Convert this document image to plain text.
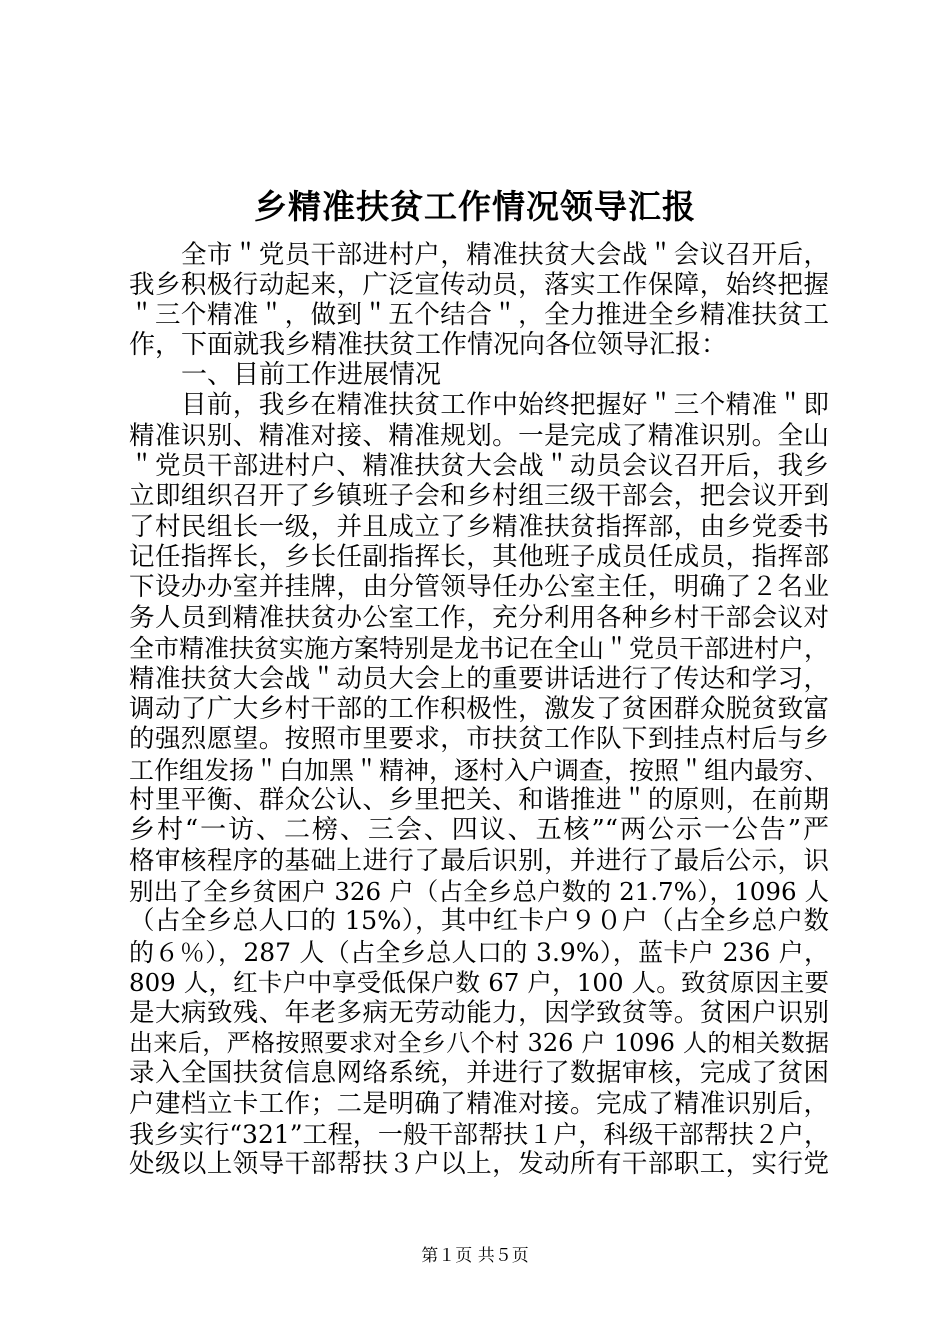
乡精准扶贫工作情况领导汇报
全市＂党员干部进村户，精准扶贫大会战＂会议召开后，
我乡积极行动起来，广泛宣传动员，落实工作保障，始终把握
＂三个精准＂，做到＂五个结合＂，全力推进全乡精准扶贫工
作，下面就我乡精准扶贫工作情况向各位领导汇报：
一、目前工作进展情况
目前，我乡在精准扶贫工作中始终把握好＂三个精准＂即
精准识别、精准对接、精准规划。一是完成了精准识别。全山
＂党员干部进村户、精准扶贫大会战＂动员会议召开后，我乡
立即组织召开了乡镇班子会和乡村组三级干部会，把会议开到
了村民组长一级，并且成立了乡精准扶贫指挥部，由乡党委书
记任指挥长，乡长任副指挥长，其他班子成员任成员，指挥部
下设办办室并挂牌，由分管领导任办公室主任，明确了２名业
务人员到精准扶贫办公室工作，充分利用各种乡村干部会议对
全市精准扶贫实施方案特别是龙书记在全山＂党员干部进村户，
精准扶贫大会战＂动员大会上的重要讲话进行了传达和学习，
调动了广大乡村干部的工作积极性，激发了贫困群众脱贫致富
的强烈愿望。按照市里要求，市扶贫工作队下到挂点村后与乡
工作组发扬＂白加黑＂精神，逐村入户调查，按照＂组内最穷、
村里平衡、群众公认、乡里把关、和谐推进＂的原则，在前期
乡村“一访、二榜、三会、四议、五核”“两公示一公告”严
格审核程序的基础上进行了最后识别，并进行了最后公示，识
别出了全乡贫困户 326 户（占全乡总户数的 21.7%），1096 人
（占全乡总人口的 15%），其中红卡户９０户（占全乡总户数
的６％），287 人（占全乡总人口的 3.9%），蓝卡户 236 户，
809 人，红卡户中享受低保户数 67 户，100 人。致贫原因主要
是大病致残、年老多病无劳动能力，因学致贫等。贫困户识别
出来后，严格按照要求对全乡八个村 326 户 1096 人的相关数据
录入全国扶贫信息网络系统，并进行了数据审核，完成了贫困
户建档立卡工作；二是明确了精准对接。完成了精准识别后，
我乡实行“321”工程，一般干部帮扶１户，科级干部帮扶２户，
处级以上领导干部帮扶３户以上，发动所有干部职工，实行党
第１页 共５页
